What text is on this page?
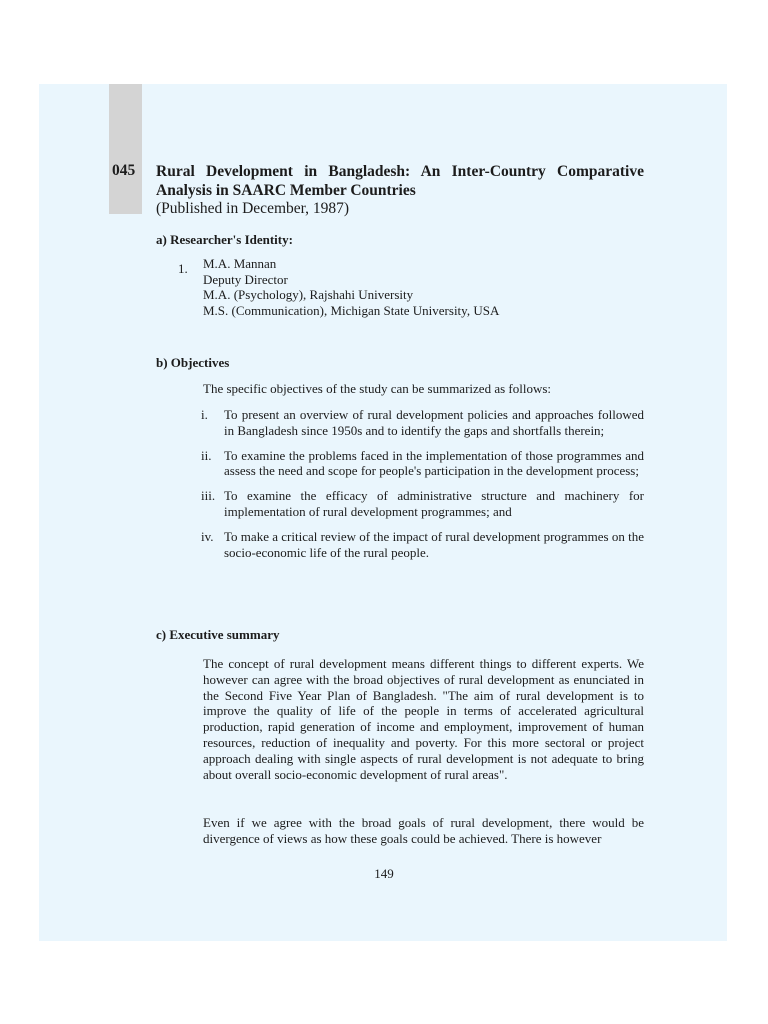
045 Rural Development in Bangladesh: An Inter-Country Comparative Analysis in SAARC Member Countries
(Published in December, 1987)
a) Researcher's Identity:
1. M.A. Mannan
Deputy Director
M.A. (Psychology), Rajshahi University
M.S. (Communication), Michigan State University, USA
b) Objectives
The specific objectives of the study can be summarized as follows:
i.	To present an overview of rural development policies and approaches followed in Bangladesh since 1950s and to identify the gaps and shortfalls therein;
ii. To examine the problems faced in the implementation of those programmes and assess the need and scope for people's participation in the development process;
iii. To examine the efficacy of administrative structure and machinery for implementation of rural development programmes; and
iv. To make a critical review of the impact of rural development programmes on the socio-economic life of the rural people.
c) Executive summary
The concept of rural development means different things to different experts. We however can agree with the broad objectives of rural development as enunciated in the Second Five Year Plan of Bangladesh. "The aim of rural development is to improve the quality of life of the people in terms of accelerated agricultural production, rapid generation of income and employment, improvement of human resources, reduction of inequality and poverty. For this more sectoral or project approach dealing with single aspects of rural development is not adequate to bring about overall socio-economic development of rural areas".
Even if we agree with the broad goals of rural development, there would be divergence of views as how these goals could be achieved. There is however
149
